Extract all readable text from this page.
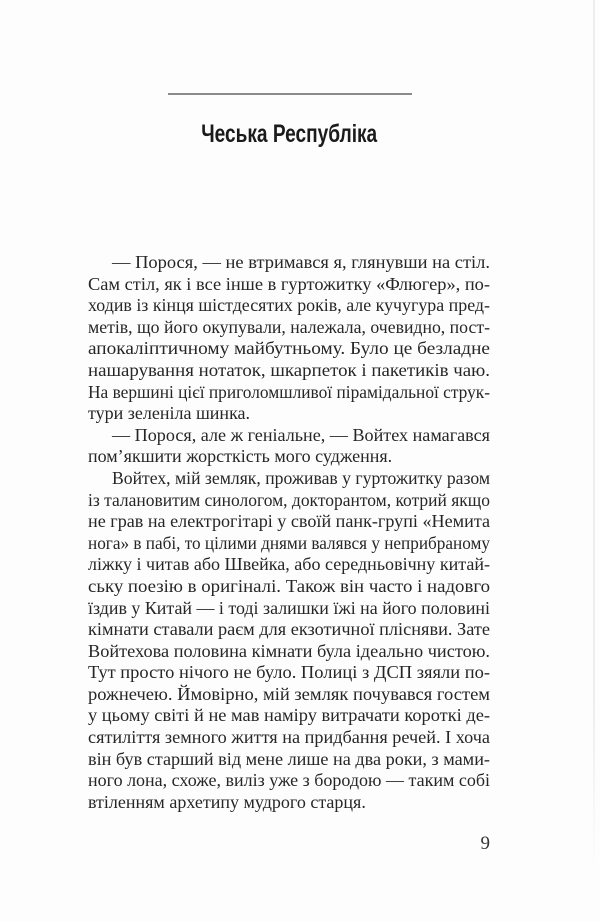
Чеська Республіка
— Порося, — не втримався я, глянувши на стіл.
Сам стіл, як і все інше в гуртожитку «Флюгер», по-
ходив із кінця шістдесятих років, але кучугура пред-
метів, що його окупували, належала, очевидно, пост-
апокаліптичному майбутньому. Було це безладне
нашарування нотаток, шкарпеток і пакетиків чаю.
На вершині цієї приголомшливої пірамідальної струк-
тури зеленіла шинка.
— Порося, але ж геніальне, — Войтех намагався
пом’якшити жорсткість мого судження.
Войтех, мій земляк, проживав у гуртожитку разом
із талановитим синологом, докторантом, котрий якщо
не грав на електрогітарі у своїй панк-групі «Немита
нога» в пабі, то цілими днями валявся у неприбраному
ліжку і читав або Швейка, або середньовічну китай-
ську поезію в оригіналі. Також він часто і надовго
їздив у Китай — і тоді залишки їжі на його половині
кімнати ставали раєм для екзотичної плісняви. Зате
Войтехова половина кімнати була ідеально чистою.
Тут просто нічого не було. Полиці з ДСП зяяли по-
рожнечею. Ймовірно, мій земляк почувався гостем
у цьому світі й не мав наміру витрачати короткі де-
сятиліття земного життя на придбання речей. І хоча
він був старший від мене лише на два роки, з мами-
ного лона, схоже, виліз уже з бородою — таким собі
втіленням архетипу мудрого старця.
9
